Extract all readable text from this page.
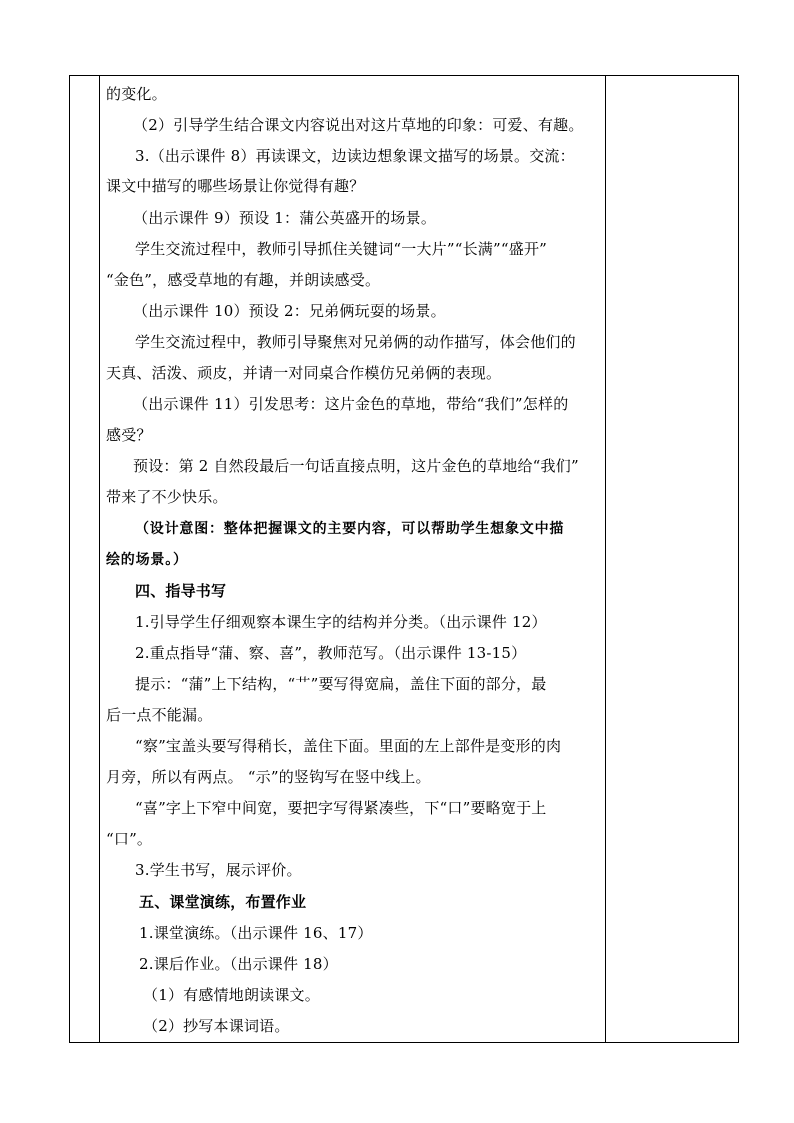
的变化。
（2）引导学生结合课文内容说出对这片草地的印象：可爱、有趣。
3.（出示课件 8）再读课文，边读边想象课文描写的场景。交流：
课文中描写的哪些场景让你觉得有趣？
（出示课件 9）预设 1：蒲公英盛开的场景。
学生交流过程中，教师引导抓住关键词“一大片”“长满”“盛开”
“金色”，感受草地的有趣，并朗读感受。
（出示课件 10）预设 2：兄弟俩玩耍的场景。
学生交流过程中，教师引导聚焦对兄弟俩的动作描写，体会他们的
天真、活泼、顽皮，并请一对同桌合作模仿兄弟俩的表现。
（出示课件 11）引发思考：这片金色的草地，带给“我们”怎样的
感受？
预设：第 2 自然段最后一句话直接点明，这片金色的草地给“我们”
带来了不少快乐。
（设计意图：整体把握课文的主要内容，可以帮助学生想象文中描
绘的场景。）
四、指导书写
1.引导学生仔细观察本课生字的结构并分类。（出示课件 12）
2.重点指导“蒲、察、喜”，教师范写。（出示课件 13-15）
提示：“蒲”上下结构，“艹”要写得宽扁，盖住下面的部分，最
后一点不能漏。
“察”宝盖头要写得稍长，盖住下面。里面的左上部件是变形的肉
月旁，所以有两点。 “示”的竖钩写在竖中线上。
“喜”字上下窄中间宽，要把字写得紧凑些，下“口”要略宽于上
“口”。
3.学生书写，展示评价。
五、课堂演练，布置作业
1.课堂演练。（出示课件 16、17）
2.课后作业。（出示课件 18）
（1）有感情地朗读课文。
（2）抄写本课词语。
